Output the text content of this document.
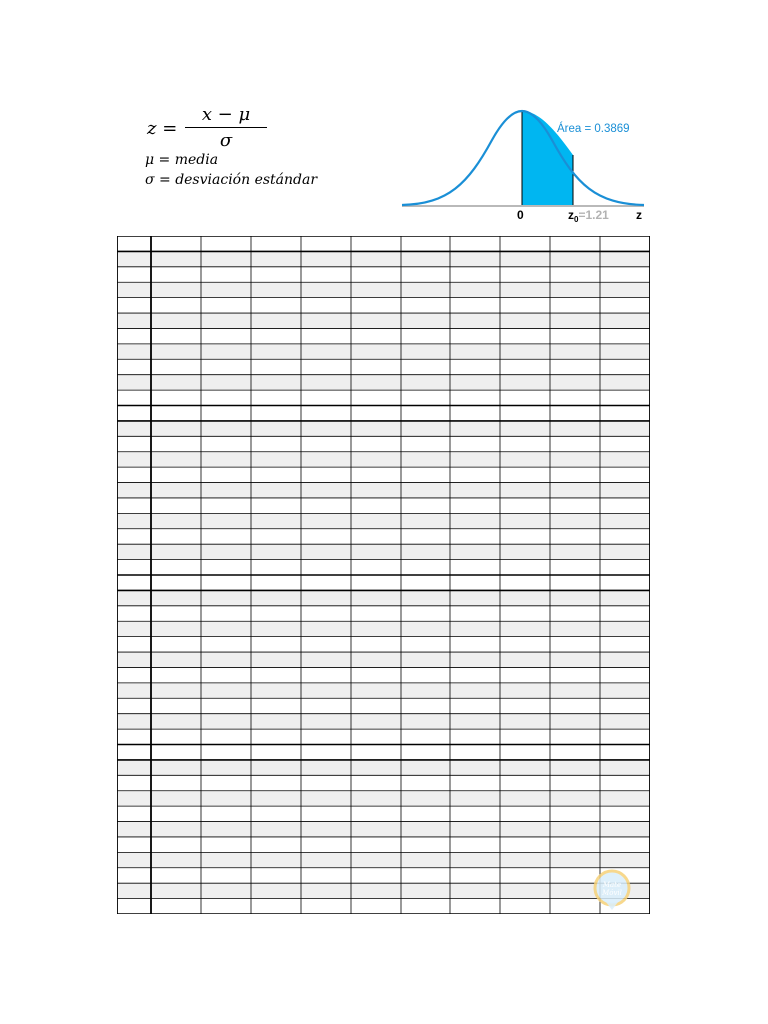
z =
x − μ
σ
μ = media
σ = desviación estándar
Área = 0.3869
0	$z_0=1.21$ z
Mate
Móvil
